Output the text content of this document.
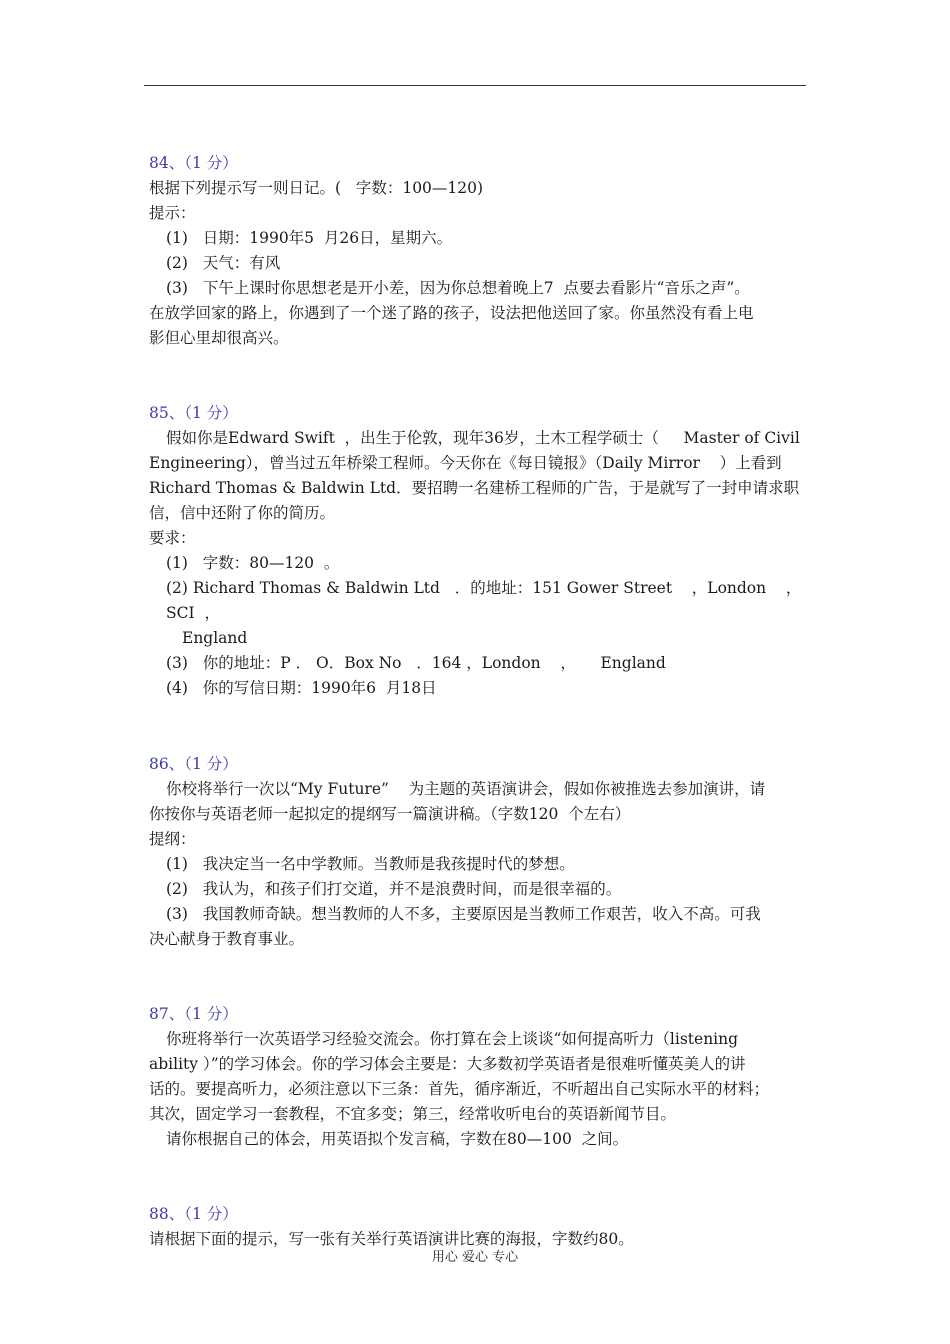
84、（1 分）
根据下列提示写一则日记。(   字数：100—120)
提示：
(1)   日期：1990年5  月26日，星期六。
(2)   天气：有风
(3)   下午上课时你思想老是开小差，因为你总想着晚上7  点要去看影片“音乐之声”。
在放学回家的路上，你遇到了一个迷了路的孩子，设法把他送回了家。你虽然没有看上电
影但心里却很高兴。
85、（1 分）
假如你是Edward Swift  ，出生于伦敦，现年36岁，土木工程学硕士（     Master of Civil
Engineering），曾当过五年桥梁工程师。今天你在《每日镜报》（Daily Mirror    ）上看到
Richard Thomas & Baldwin Ltd．要招聘一名建桥工程师的广告，于是就写了一封申请求职
信，信中还附了你的简历。
要求：
(1)   字数：80—120  。
(2) Richard Thomas & Baldwin Ltd   ．的地址：151 Gower Street    ，London    ，SCI  ，
England
(3)   你的地址：P ． O．Box No   ．164 ，London    ，     England
(4)   你的写信日期：1990年6  月18日
86、（1 分）
你校将举行一次以“My Future”    为主题的英语演讲会，假如你被推选去参加演讲，请
你按你与英语老师一起拟定的提纲写一篇演讲稿。（字数120  个左右）
提纲：
(1)   我决定当一名中学教师。当教师是我孩提时代的梦想。
(2)   我认为，和孩子们打交道，并不是浪费时间，而是很幸福的。
(3)   我国教师奇缺。想当教师的人不多，主要原因是当教师工作艰苦，收入不高。可我
决心献身于教育事业。
87、（1 分）
你班将举行一次英语学习经验交流会。你打算在会上谈谈“如何提高听力（listening
ability ）”的学习体会。你的学习体会主要是：大多数初学英语者是很难听懂英美人的讲
话的。要提高听力，必须注意以下三条：首先，循序渐近，不听超出自己实际水平的材料；
其次，固定学习一套教程，不宜多变；第三，经常收听电台的英语新闻节目。
请你根据自己的体会，用英语拟个发言稿，字数在80—100  之间。
88、（1 分）
请根据下面的提示，写一张有关举行英语演讲比赛的海报，字数约80。
用心 爱心 专心
